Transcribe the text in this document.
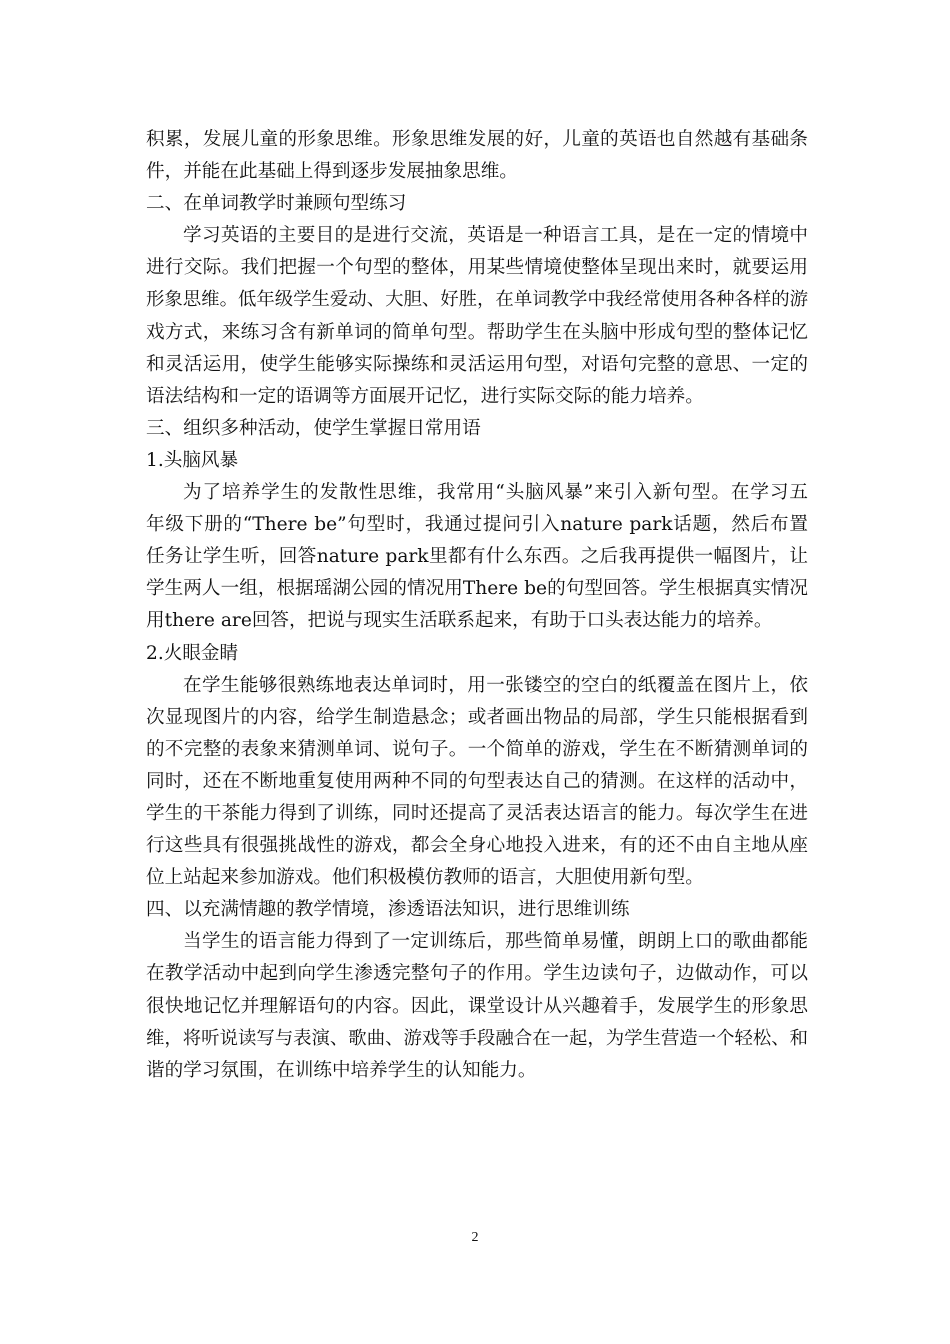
积累，发展儿童的形象思维。形象思维发展的好，儿童的英语也自然越有基础条
件，并能在此基础上得到逐步发展抽象思维。
二、在单词教学时兼顾句型练习
学习英语的主要目的是进行交流，英语是一种语言工具，是在一定的情境中
进行交际。我们把握一个句型的整体，用某些情境使整体呈现出来时，就要运用
形象思维。低年级学生爱动、大胆、好胜，在单词教学中我经常使用各种各样的游
戏方式，来练习含有新单词的简单句型。帮助学生在头脑中形成句型的整体记忆
和灵活运用，使学生能够实际操练和灵活运用句型，对语句完整的意思、一定的
语法结构和一定的语调等方面展开记忆，进行实际交际的能力培养。
三、组织多种活动，使学生掌握日常用语
1.头脑风暴
为了培养学生的发散性思维，我常用“头脑风暴”来引入新句型。在学习五
年级下册的“There be”句型时，我通过提问引入nature park话题，然后布置
任务让学生听，回答nature park里都有什么东西。之后我再提供一幅图片，让
学生两人一组，根据瑶湖公园的情况用There be的句型回答。学生根据真实情况
用there are回答，把说与现实生活联系起来，有助于口头表达能力的培养。
2.火眼金睛
在学生能够很熟练地表达单词时，用一张镂空的空白的纸覆盖在图片上，依
次显现图片的内容，给学生制造悬念；或者画出物品的局部，学生只能根据看到
的不完整的表象来猜测单词、说句子。一个简单的游戏，学生在不断猜测单词的
同时，还在不断地重复使用两种不同的句型表达自己的猜测。在这样的活动中，
学生的干茶能力得到了训练，同时还提高了灵活表达语言的能力。每次学生在进
行这些具有很强挑战性的游戏，都会全身心地投入进来，有的还不由自主地从座
位上站起来参加游戏。他们积极模仿教师的语言，大胆使用新句型。
四、以充满情趣的教学情境，渗透语法知识，进行思维训练
当学生的语言能力得到了一定训练后，那些简单易懂，朗朗上口的歌曲都能
在教学活动中起到向学生渗透完整句子的作用。学生边读句子，边做动作，可以
很快地记忆并理解语句的内容。因此，课堂设计从兴趣着手，发展学生的形象思
维，将听说读写与表演、歌曲、游戏等手段融合在一起，为学生营造一个轻松、和
谐的学习氛围，在训练中培养学生的认知能力。
2
